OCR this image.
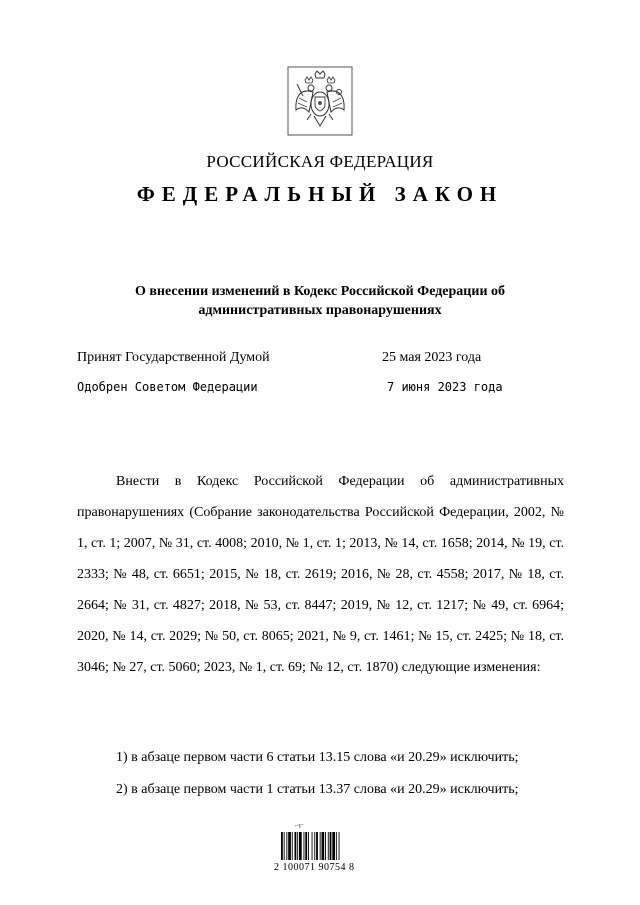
РОССИЙСКАЯ ФЕДЕРАЦИЯ
ФЕДЕРАЛЬНЫЙ ЗАКОН
О внесении изменений в Кодекс Российской Федерации об административных правонарушениях
Принят Государственной Думой	25 мая 2023 года
Одобрен Советом Федерации	7 июня 2023 года

Внести в Кодекс Российской Федерации об административных правонарушениях (Собрание законодательства Российской Федерации, 2002, № 1, ст. 1; 2007, № 31, ст. 4008; 2010, № 1, ст. 1; 2013, № 14, ст. 1658; 2014, № 19, ст. 2333; № 48, ст. 6651; 2015, № 18, ст. 2619; 2016, № 28, ст. 4558; 2017, № 18, ст. 2664; № 31, ст. 4827; 2018, № 53, ст. 8447; 2019, № 12, ст. 1217; № 49, ст. 6964; 2020, № 14, ст. 2029; № 50, ст. 8065; 2021, № 9, ст. 1461; № 15, ст. 2425; № 18, ст. 3046; № 27, ст. 5060; 2023, № 1, ст. 69; № 12, ст. 1870) следующие изменения:

1) в абзаце первом части 6 статьи 13.15 слова «и 20.29» исключить;
2) в абзаце первом части 1 статьи 13.37 слова «и 20.29» исключить;
~ȝ~
2 100071 90754 8
